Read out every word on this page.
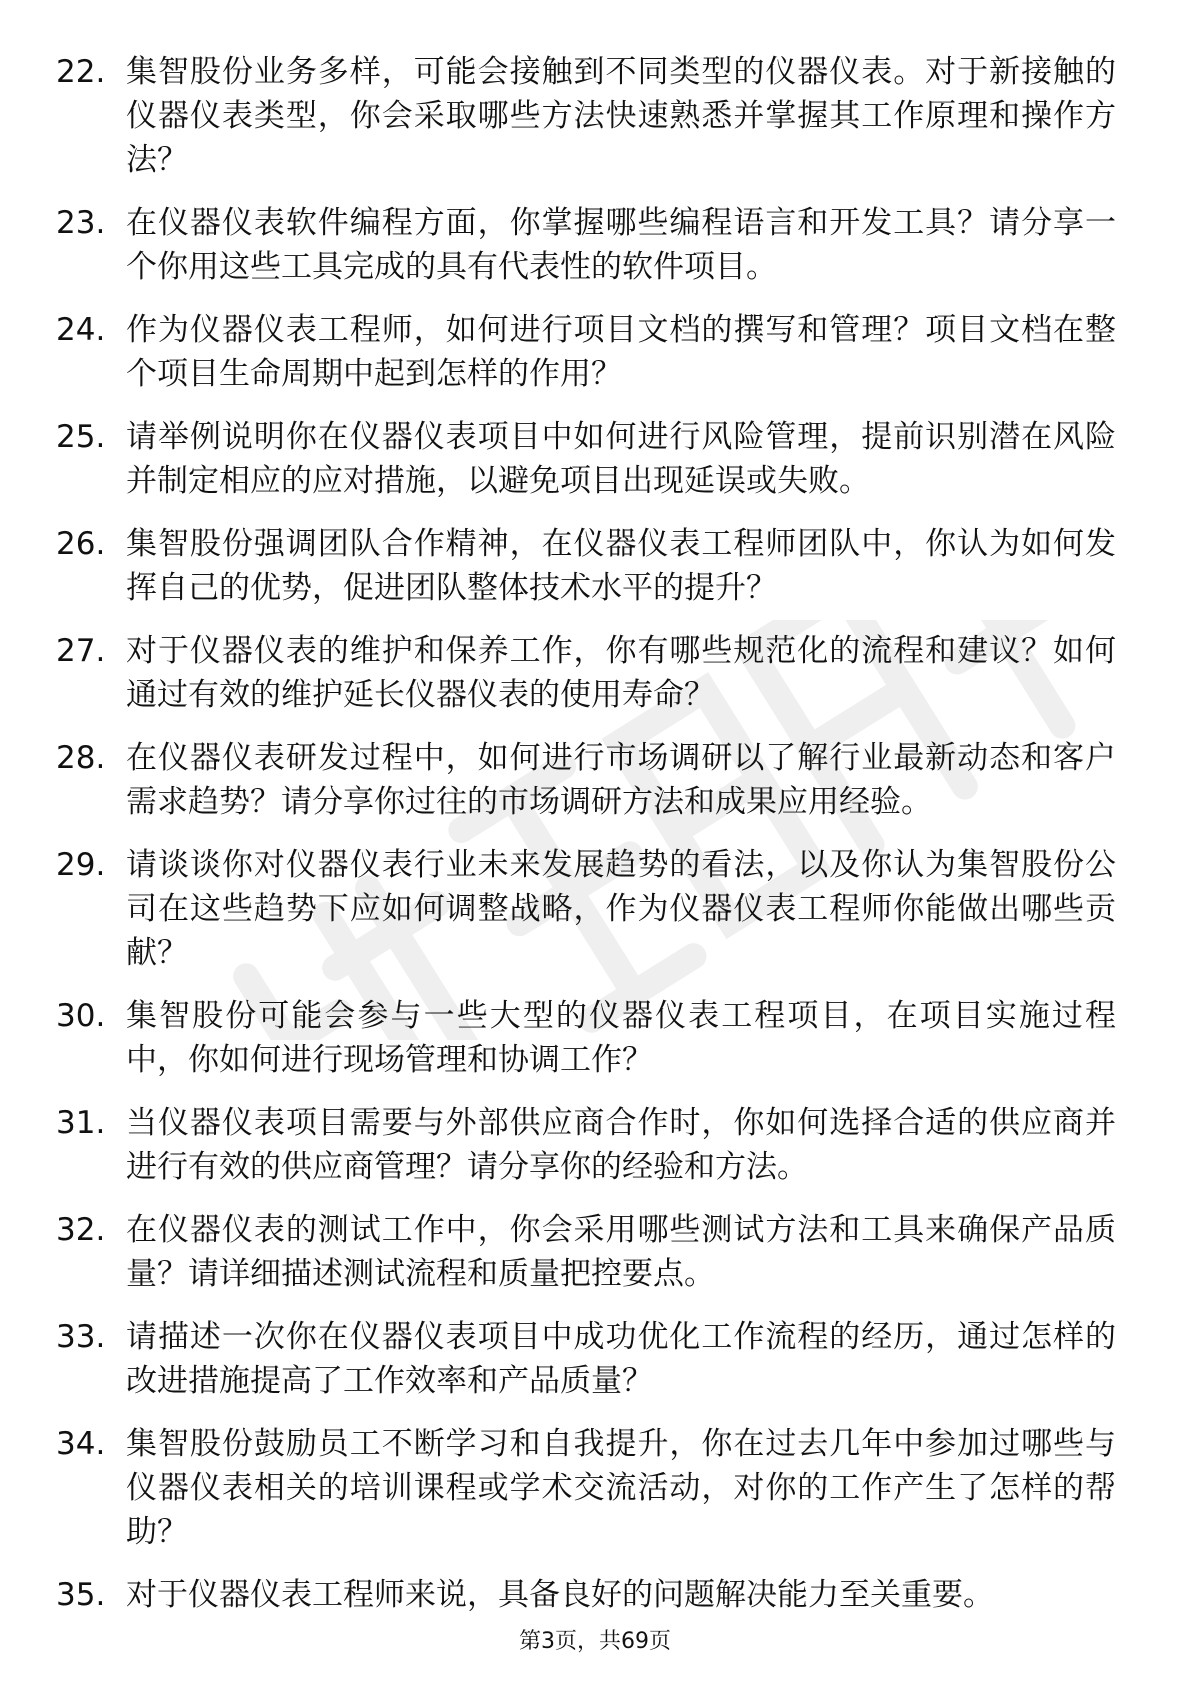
22. 集智股份业务多样，可能会接触到不同类型的仪器仪表。对于新接触的仪器仪表类型，你会采取哪些方法快速熟悉并掌握其工作原理和操作方法？
23. 在仪器仪表软件编程方面，你掌握哪些编程语言和开发工具？请分享一个你用这些工具完成的具有代表性的软件项目。
24. 作为仪器仪表工程师，如何进行项目文档的撰写和管理？项目文档在整个项目生命周期中起到怎样的作用？
25. 请举例说明你在仪器仪表项目中如何进行风险管理，提前识别潜在风险并制定相应的应对措施，以避免项目出现延误或失败。
26. 集智股份强调团队合作精神，在仪器仪表工程师团队中，你认为如何发挥自己的优势，促进团队整体技术水平的提升？
27. 对于仪器仪表的维护和保养工作，你有哪些规范化的流程和建议？如何通过有效的维护延长仪器仪表的使用寿命？
28. 在仪器仪表研发过程中，如何进行市场调研以了解行业最新动态和客户需求趋势？请分享你过往的市场调研方法和成果应用经验。
29. 请谈谈你对仪器仪表行业未来发展趋势的看法，以及你认为集智股份公司在这些趋势下应如何调整战略，作为仪器仪表工程师你能做出哪些贡献？
30. 集智股份可能会参与一些大型的仪器仪表工程项目，在项目实施过程中，你如何进行现场管理和协调工作？
31. 当仪器仪表项目需要与外部供应商合作时，你如何选择合适的供应商并进行有效的供应商管理？请分享你的经验和方法。
32. 在仪器仪表的测试工作中，你会采用哪些测试方法和工具来确保产品质量？请详细描述测试流程和质量把控要点。
33. 请描述一次你在仪器仪表项目中成功优化工作流程的经历，通过怎样的改进措施提高了工作效率和产品质量？
34. 集智股份鼓励员工不断学习和自我提升，你在过去几年中参加过哪些与仪器仪表相关的培训课程或学术交流活动，对你的工作产生了怎样的帮助？
35. 对于仪器仪表工程师来说，具备良好的问题解决能力至关重要。
第3页，共69页
